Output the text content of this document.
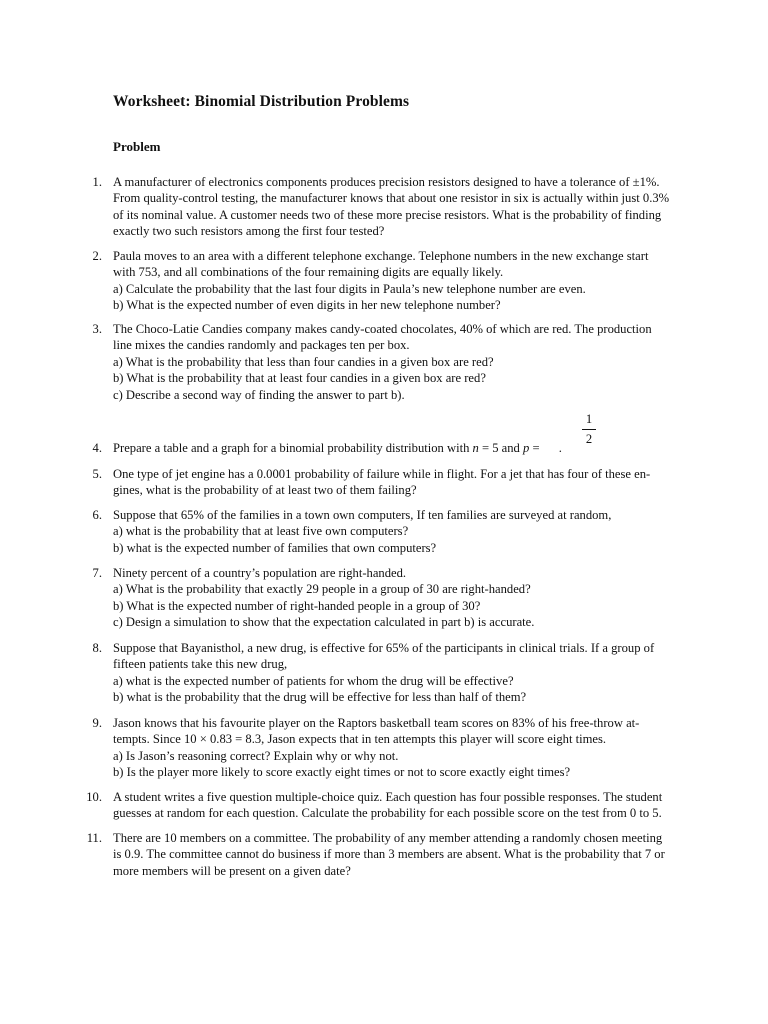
Worksheet: Binomial Distribution Problems
Problem
1. A manufacturer of electronics components produces precision resistors designed to have a tolerance of ±1%.
From quality-control testing, the manufacturer knows that about one resistor in six is actually within just 0.3%
of its nominal value. A customer needs two of these more precise resistors. What is the probability of finding
exactly two such resistors among the first four tested?
2. Paula moves to an area with a different telephone exchange. Telephone numbers in the new exchange start
with 753, and all combinations of the four remaining digits are equally likely.
a) Calculate the probability that the last four digits in Paula’s new telephone number are even.
b) What is the expected number of even digits in her new telephone number?
3. The Choco-Latie Candies company makes candy-coated chocolates, 40% of which are red. The production
line mixes the candies randomly and packages ten per box.
a) What is the probability that less than four candies in a given box are red?
b) What is the probability that at least four candies in a given box are red?
c) Describe a second way of finding the answer to part b).
4. Prepare a table and a graph for a binomial probability distribution with n = 5 and p = .
1
2
5. One type of jet engine has a 0.0001 probability of failure while in flight. For a jet that has four of these en-
gines, what is the probability of at least two of them failing?
6. Suppose that 65% of the families in a town own computers, If ten families are surveyed at random,
a) what is the probability that at least five own computers?
b) what is the expected number of families that own computers?
7. Ninety percent of a country’s population are right-handed.
a) What is the probability that exactly 29 people in a group of 30 are right-handed?
b) What is the expected number of right-handed people in a group of 30?
c) Design a simulation to show that the expectation calculated in part b) is accurate.
8. Suppose that Bayanisthol, a new drug, is effective for 65% of the participants in clinical trials. If a group of
fifteen patients take this new drug,
a) what is the expected number of patients for whom the drug will be effective?
b) what is the probability that the drug will be effective for less than half of them?
9. Jason knows that his favourite player on the Raptors basketball team scores on 83% of his free-throw at-
tempts. Since 10 × 0.83 = 8.3, Jason expects that in ten attempts this player will score eight times.
a) Is Jason’s reasoning correct? Explain why or why not.
b) Is the player more likely to score exactly eight times or not to score exactly eight times?
10. A student writes a five question multiple-choice quiz. Each question has four possible responses. The student
guesses at random for each question. Calculate the probability for each possible score on the test from 0 to 5.
11. There are 10 members on a committee. The probability of any member attending a randomly chosen meeting
is 0.9. The committee cannot do business if more than 3 members are absent. What is the probability that 7 or
more members will be present on a given date?
